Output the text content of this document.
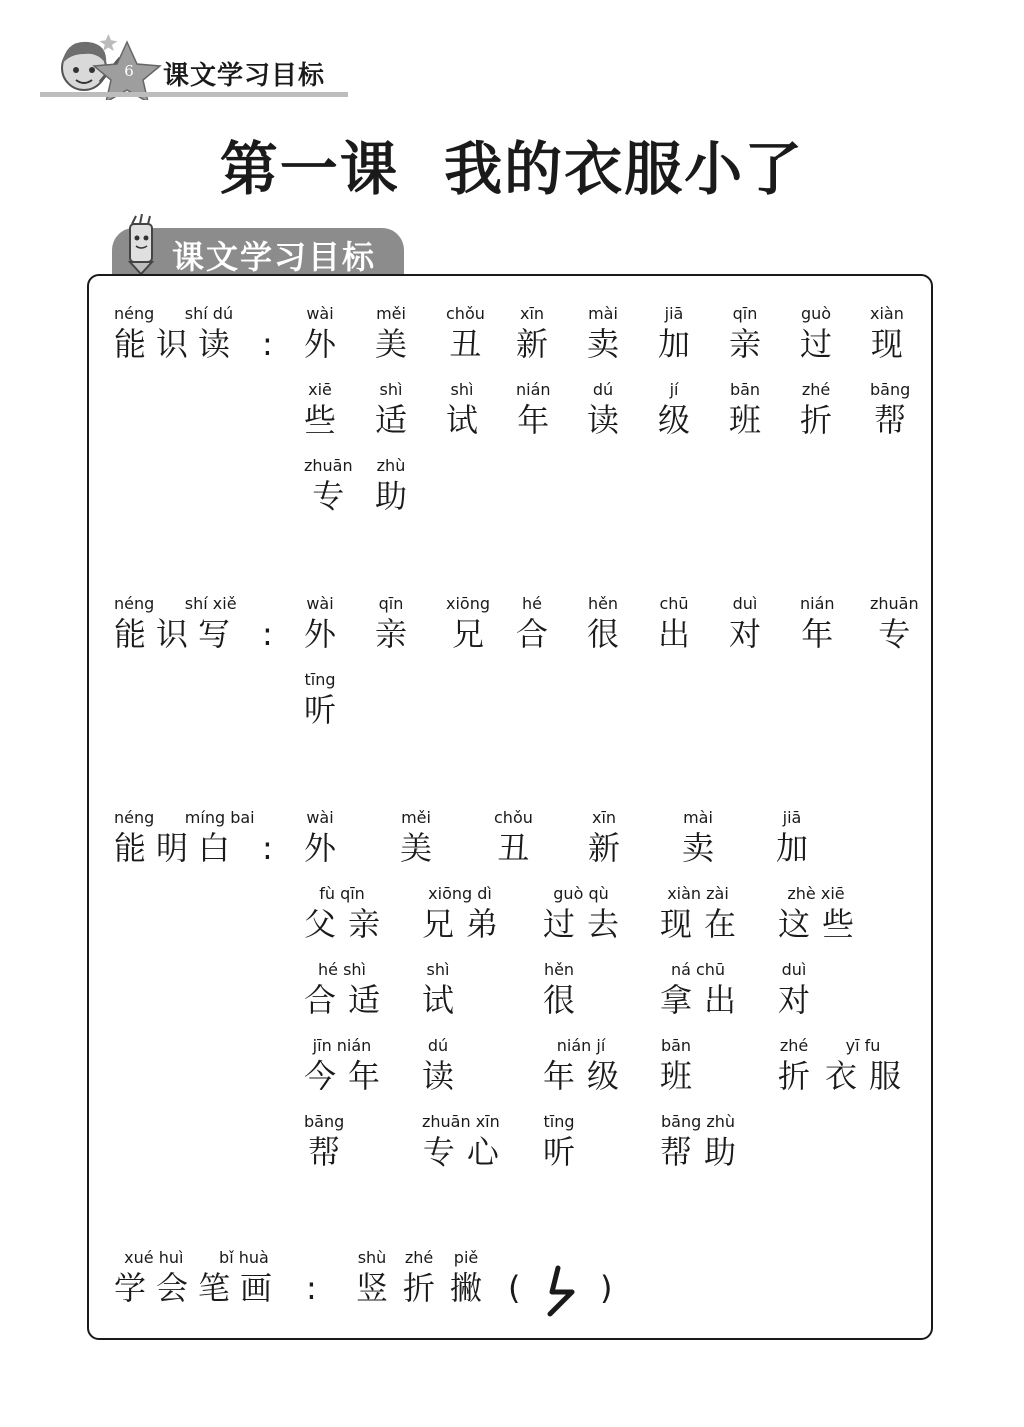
6 课文学习目标
第一课  我的衣服小了
课文学习目标
néng      shí dú
能识读 :
wài
外
měi
美
chǒu
丑
xīn
新
mài
卖
jiā
加
qīn
亲
guò
过
xiàn
现
xiē
些
shì
适
shì
试
nián
年
dú
读
jí
级
bān
班
zhé
折
bāng
帮
zhuān
专
zhù
助
néng      shí xiě
能识写 :
wài
外
qīn
亲
xiōng
兄
hé
合
hěn
很
chū
出
duì
对
nián
年
zhuān
专
tīng
听
néng      míng bai
能明白 :
wài
外
měi
美
chǒu
丑
xīn
新
mài
卖
jiā
加
fù qīn
父亲
xiōng dì
兄弟
guò qù
过去
xiàn zài
现在
zhè xiē
这些
hé shì
合适
shì
试
hěn
很
ná chū
拿出
duì
对
jīn nián
今年
dú
读
nián jí
年级
bān
班
zhé
折
yī fu
衣服
bāng
帮
zhuān xīn
专心
tīng
听
bāng zhù
帮助
xué huì       bǐ huà
学会笔画 :
shù
竖
zhé
折
piě
撇 ( )
